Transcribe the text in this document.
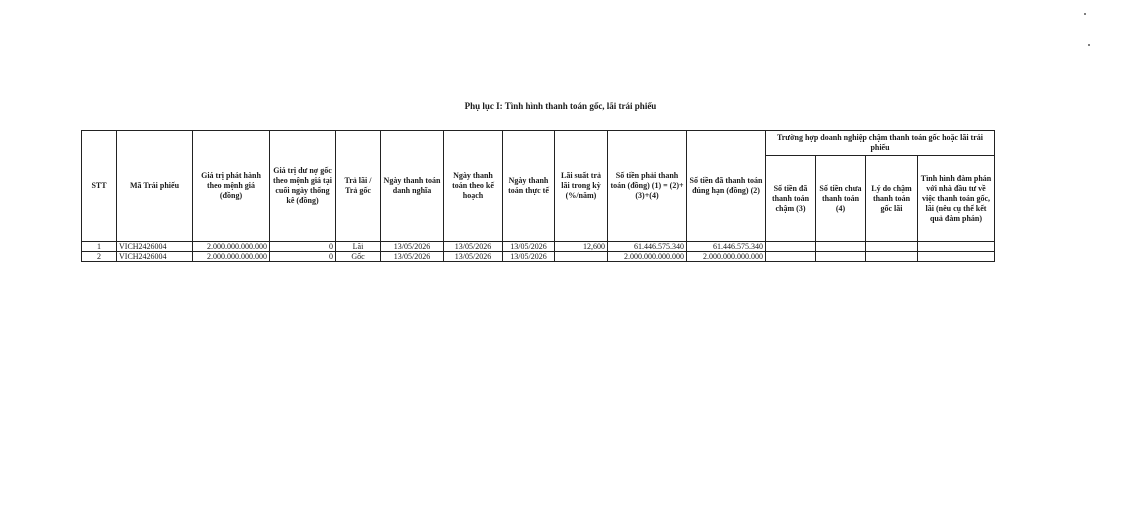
Phụ lục I: Tình hình thanh toán gốc, lãi trái phiếu
STT	Mã Trái phiếu	Giá trị phát hành theo mệnh giá (đồng)	Giá trị dư nợ gốc theo mệnh giá tại cuối ngày thống kê (đồng)	Trả lãi / Trả gốc	Ngày thanh toán danh nghĩa	Ngày thanh toán theo kế hoạch	Ngày thanh toán thực tế	Lãi suất trả lãi trong kỳ (%/năm)	Số tiền phải thanh toán (đồng) (1) = (2)+(3)+(4)	Số tiền đã thanh toán đúng hạn (đồng) (2)	Trường hợp doanh nghiệp chậm thanh toán gốc hoặc lãi trái phiếu			
											Số tiền đã thanh toán chậm (3)	Số tiền chưa thanh toán (4)	Lý do chậm thanh toán gốc lãi	Tình hình đàm phán với nhà đầu tư về việc thanh toán gốc, lãi (nêu cụ thể kết quả đàm phán)
1	VICH2426004	2.000.000.000.000	0	Lãi	13/05/2026	13/05/2026	13/05/2026	12,600	61.446.575.340	61.446.575.340				
2	VICH2426004	2.000.000.000.000	0	Gốc	13/05/2026	13/05/2026	13/05/2026		2.000.000.000.000	2.000.000.000.000				
